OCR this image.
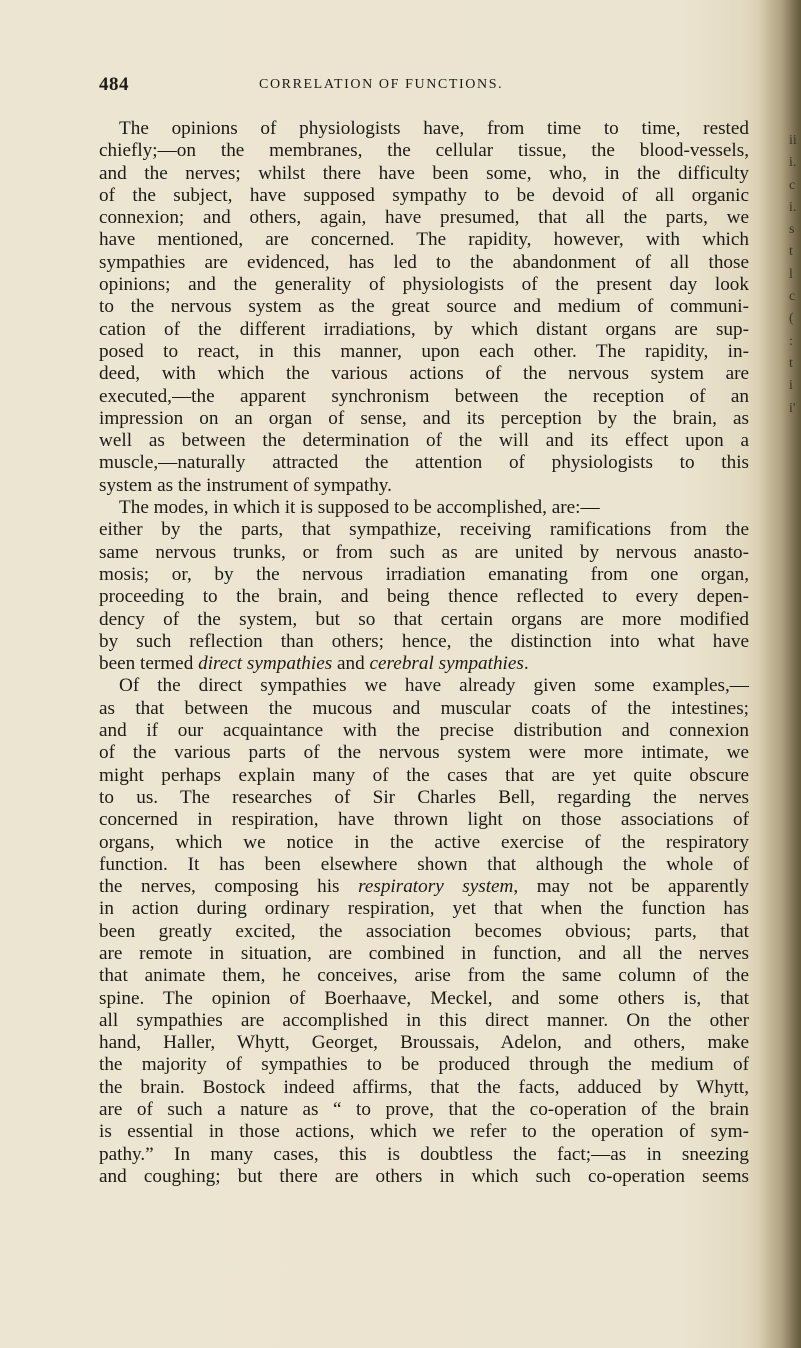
484	CORRELATION OF FUNCTIONS.
The opinions of physiologists have, from time to time, rested
chiefly;—on the membranes, the cellular tissue, the blood-vessels,
and the nerves; whilst there have been some, who, in the difficulty
of the subject, have supposed sympathy to be devoid of all organic
connexion; and others, again, have presumed, that all the parts, we
have mentioned, are concerned. The rapidity, however, with which
sympathies are evidenced, has led to the abandonment of all those
opinions; and the generality of physiologists of the present day look
to the nervous system as the great source and medium of communi-
cation of the different irradiations, by which distant organs are sup-
posed to react, in this manner, upon each other. The rapidity, in-
deed, with which the various actions of the nervous system are
executed,—the apparent synchronism between the reception of an
impression on an organ of sense, and its perception by the brain, as
well as between the determination of the will and its effect upon a
muscle,—naturally attracted the attention of physiologists to this
system as the instrument of sympathy.
The modes, in which it is supposed to be accomplished, are:—
either by the parts, that sympathize, receiving ramifications from the
same nervous trunks, or from such as are united by nervous anasto-
mosis; or, by the nervous irradiation emanating from one organ,
proceeding to the brain, and being thence reflected to every depen-
dency of the system, but so that certain organs are more modified
by such reflection than others; hence, the distinction into what have
been termed direct sympathies and cerebral sympathies.
Of the direct sympathies we have already given some examples,—
as that between the mucous and muscular coats of the intestines;
and if our acquaintance with the precise distribution and connexion
of the various parts of the nervous system were more intimate, we
might perhaps explain many of the cases that are yet quite obscure
to us. The researches of Sir Charles Bell, regarding the nerves
concerned in respiration, have thrown light on those associations of
organs, which we notice in the active exercise of the respiratory
function. It has been elsewhere shown that although the whole of
the nerves, composing his respiratory system, may not be apparently
in action during ordinary respiration, yet that when the function has
been greatly excited, the association becomes obvious; parts, that
are remote in situation, are combined in function, and all the nerves
that animate them, he conceives, arise from the same column of the
spine. The opinion of Boerhaave, Meckel, and some others is, that
all sympathies are accomplished in this direct manner. On the other
hand, Haller, Whytt, Georget, Broussais, Adelon, and others, make
the majority of sympathies to be produced through the medium of
the brain. Bostock indeed affirms, that the facts, adduced by Whytt,
are of such a nature as “ to prove, that the co-operation of the brain
is essential in those actions, which we refer to the operation of sym-
pathy.” In many cases, this is doubtless the fact;—as in sneezing
and coughing; but there are others in which such co-operation seems
ii
i.
c
i.
s
t
l
c
(
:
t
i
i'
